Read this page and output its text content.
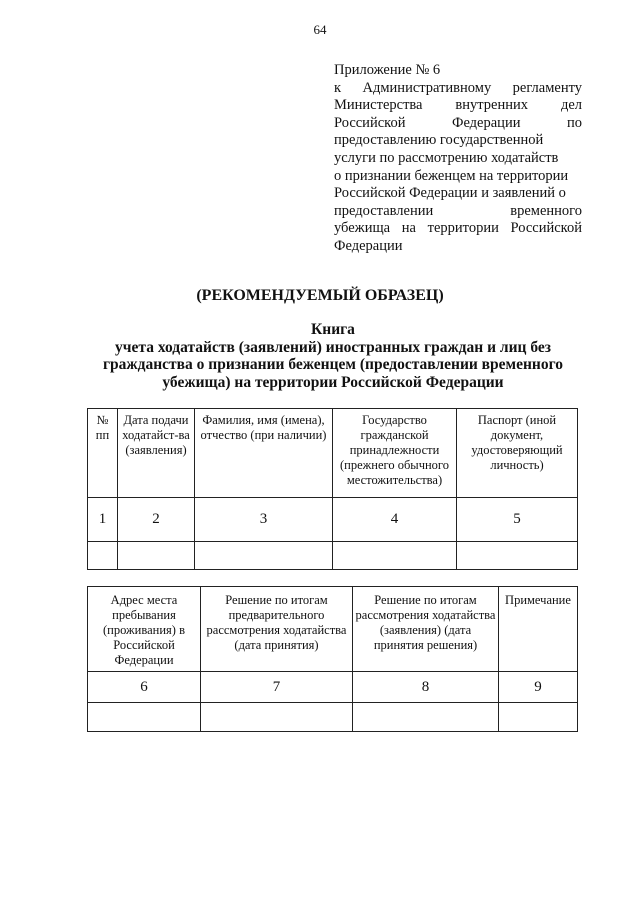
64
Приложение № 6
к Административному регламенту
Министерства внутренних дел
Российской Федерации по
предоставлению государственной
услуги по рассмотрению ходатайств
о признании беженцем на территории
Российской Федерации и заявлений о
предоставлении временного
убежища на территории Российской
Федерации
(РЕКОМЕНДУЕМЫЙ ОБРАЗЕЦ)
Книга
учета ходатайств (заявлений) иностранных граждан и лиц без
гражданства о признании беженцем (предоставлении временного
убежища) на территории Российской Федерации
№ пп	Дата подачи ходатайст-ва (заявления)	Фамилия, имя (имена), отчество (при наличии)	Государство гражданской принадлежности (прежнего обычного местожительства)	Паспорт (иной документ, удостоверяющий личность)
1	2	3	4	5

Адрес места пребывания (проживания) в Российской Федерации	Решение по итогам предварительного рассмотрения ходатайства (дата принятия)	Решение по итогам рассмотрения ходатайства (заявления) (дата принятия решения)	Примечание
6	7	8	9
